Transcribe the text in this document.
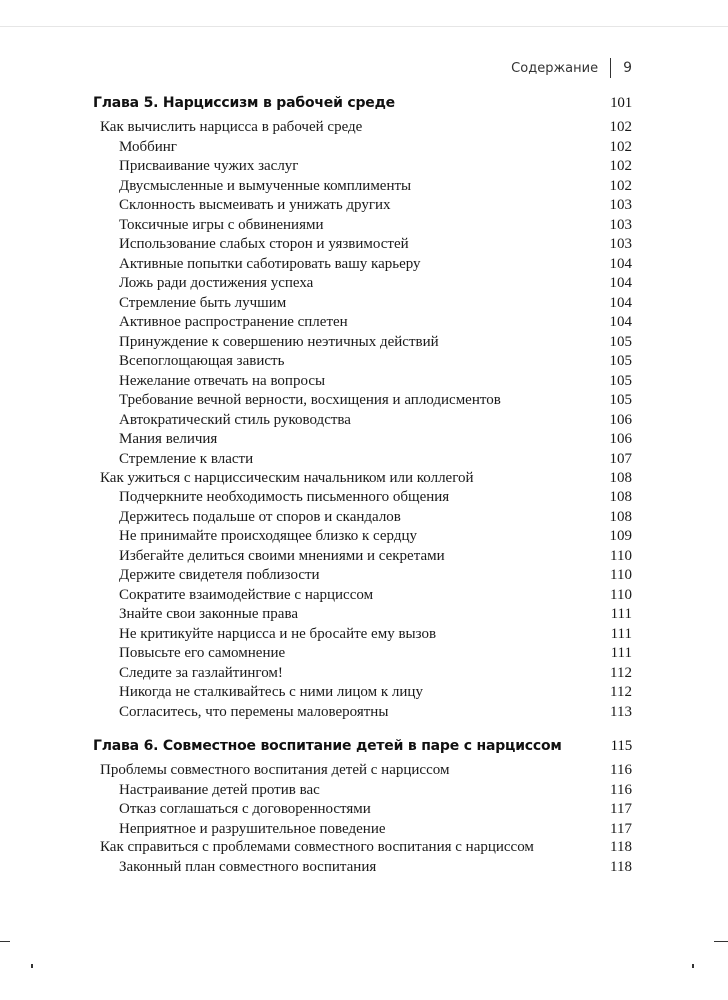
Содержание 9
Глава 5. Нарциссизм в рабочей среде	101
Как вычислить нарцисса в рабочей среде	102
Моббинг	102
Присваивание чужих заслуг	102
Двусмысленные и вымученные комплименты	102
Склонность высмеивать и унижать других	103
Токсичные игры с обвинениями	103
Использование слабых сторон и уязвимостей	103
Активные попытки саботировать вашу карьеру	104
Ложь ради достижения успеха	104
Стремление быть лучшим	104
Активное распространение сплетен	104
Принуждение к совершению неэтичных действий	105
Всепоглощающая зависть	105
Нежелание отвечать на вопросы	105
Требование вечной верности, восхищения и аплодисментов	105
Автократический стиль руководства	106
Мания величия	106
Стремление к власти	107
Как ужиться с нарциссическим начальником или коллегой	108
Подчеркните необходимость письменного общения	108
Держитесь подальше от споров и скандалов	108
Не принимайте происходящее близко к сердцу	109
Избегайте делиться своими мнениями и секретами	110
Держите свидетеля поблизости	110
Сократите взаимодействие с нарциссом	110
Знайте свои законные права	111
Не критикуйте нарцисса и не бросайте ему вызов	111
Повысьте его самомнение	111
Следите за газлайтингом!	112
Никогда не сталкивайтесь с ними лицом к лицу	112
Согласитесь, что перемены маловероятны	113
Глава 6. Совместное воспитание детей в паре с нарциссом	115
Проблемы совместного воспитания детей с нарциссом	116
Настраивание детей против вас	116
Отказ соглашаться с договоренностями	117
Неприятное и разрушительное поведение	117
Как справиться с проблемами совместного воспитания с нарциссом	118
Законный план совместного воспитания	118
